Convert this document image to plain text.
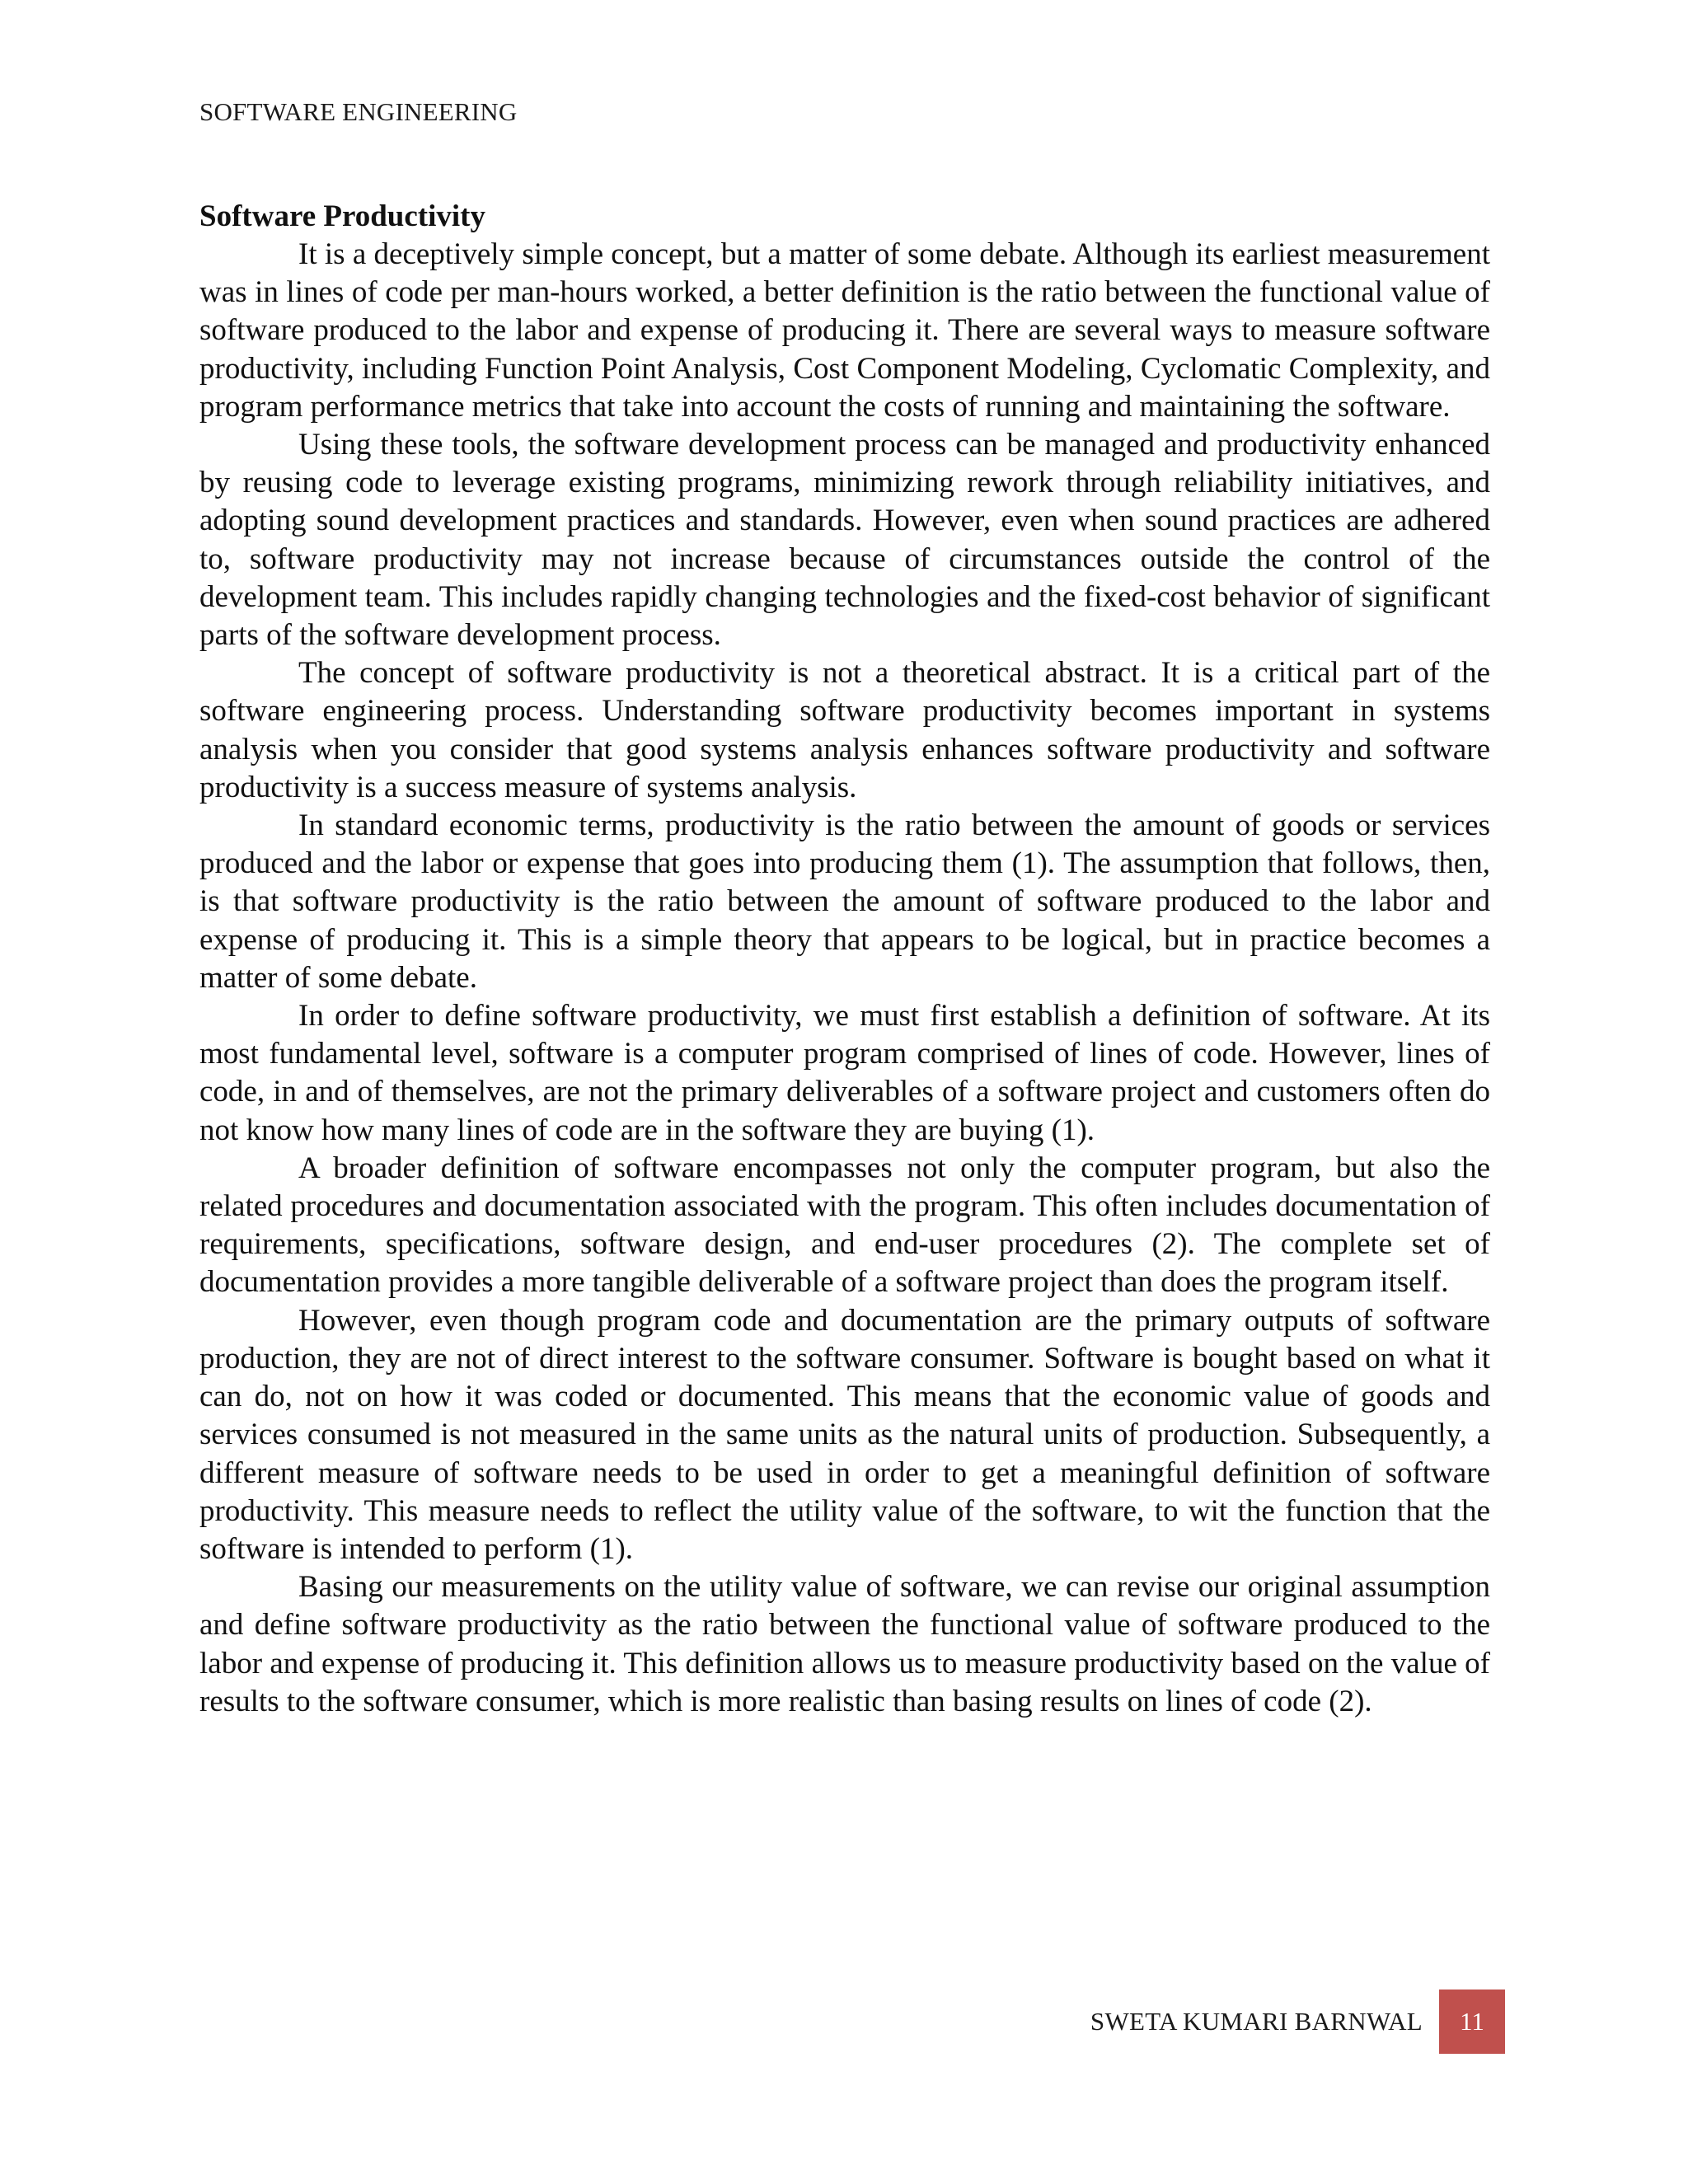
SOFTWARE ENGINEERING
Software Productivity

It is a deceptively simple concept, but a matter of some debate. Although its earliest measurement was in lines of code per man-hours worked, a better definition is the ratio between the functional value of software produced to the labor and expense of producing it. There are several ways to measure software productivity, including Function Point Analysis, Cost Component Modeling, Cyclomatic Complexity, and program performance metrics that take into account the costs of running and maintaining the software.

Using these tools, the software development process can be managed and productivity enhanced by reusing code to leverage existing programs, minimizing rework through reliability initiatives, and adopting sound development practices and standards. However, even when sound practices are adhered to, software productivity may not increase because of circumstances outside the control of the development team. This includes rapidly changing technologies and the fixed-cost behavior of significant parts of the software development process.

The concept of software productivity is not a theoretical abstract. It is a critical part of the software engineering process. Understanding software productivity becomes important in systems analysis when you consider that good systems analysis enhances software productivity and software productivity is a success measure of systems analysis.

In standard economic terms, productivity is the ratio between the amount of goods or services produced and the labor or expense that goes into producing them (1). The assumption that follows, then, is that software productivity is the ratio between the amount of software produced to the labor and expense of producing it. This is a simple theory that appears to be logical, but in practice becomes a matter of some debate.

In order to define software productivity, we must first establish a definition of software. At its most fundamental level, software is a computer program comprised of lines of code. However, lines of code, in and of themselves, are not the primary deliverables of a software project and customers often do not know how many lines of code are in the software they are buying (1).

A broader definition of software encompasses not only the computer program, but also the related procedures and documentation associated with the program. This often includes documentation of requirements, specifications, software design, and end-user procedures (2). The complete set of documentation provides a more tangible deliverable of a software project than does the program itself.

However, even though program code and documentation are the primary outputs of software production, they are not of direct interest to the software consumer. Software is bought based on what it can do, not on how it was coded or documented. This means that the economic value of goods and services consumed is not measured in the same units as the natural units of production. Subsequently, a different measure of software needs to be used in order to get a meaningful definition of software productivity. This measure needs to reflect the utility value of the software, to wit the function that the software is intended to perform (1).

Basing our measurements on the utility value of software, we can revise our original assumption and define software productivity as the ratio between the functional value of software produced to the labor and expense of producing it. This definition allows us to measure productivity based on the value of results to the software consumer, which is more realistic than basing results on lines of code (2).

SWETA KUMARI BARNWAL	11
